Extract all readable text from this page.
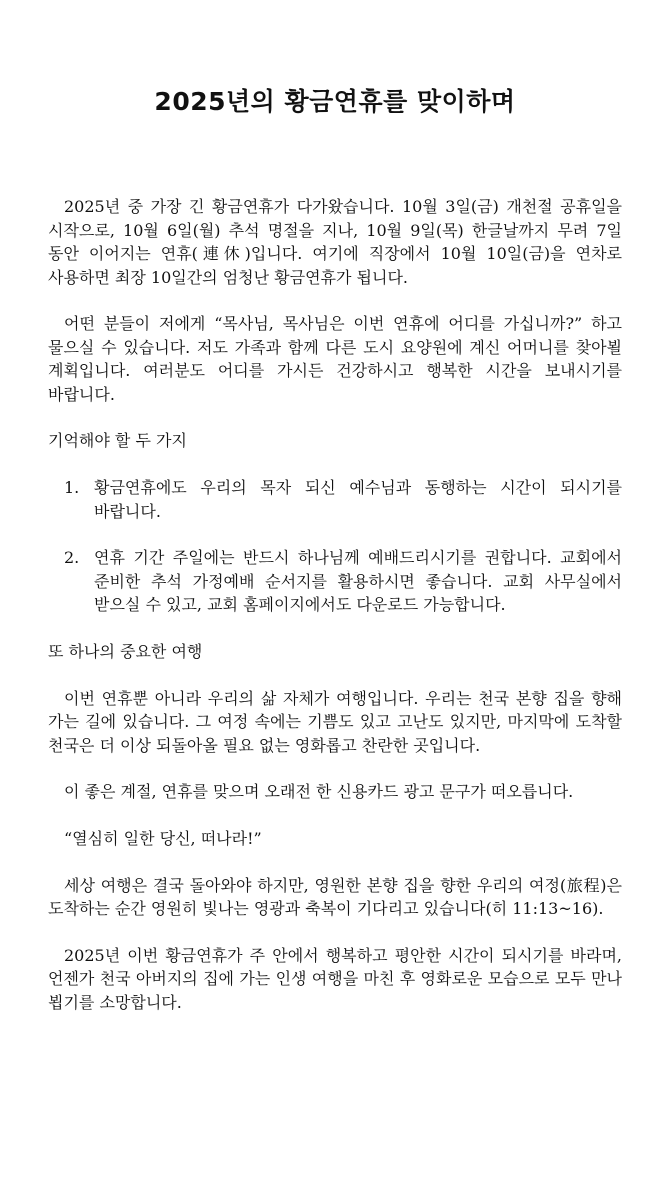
2025년의 황금연휴를 맞이하며

2025년 중 가장 긴 황금연휴가 다가왔습니다. 10월 3일(금) 개천절 공휴일을 시작으로, 10월 6일(월) 추석 명절을 지나, 10월 9일(목) 한글날까지 무려 7일 동안 이어지는 연휴(連休)입니다. 여기에 직장에서 10월 10일(금)을 연차로 사용하면 최장 10일간의 엄청난 황금연휴가 됩니다.

어떤 분들이 저에게 “목사님, 목사님은 이번 연휴에 어디를 가십니까?” 하고 물으실 수 있습니다. 저도 가족과 함께 다른 도시 요양원에 계신 어머니를 찾아뵐 계획입니다. 여러분도 어디를 가시든 건강하시고 행복한 시간을 보내시기를 바랍니다.

기억해야 할 두 가지

1. 황금연휴에도 우리의 목자 되신 예수님과 동행하는 시간이 되시기를 바랍니다.
2. 연휴 기간 주일에는 반드시 하나님께 예배드리시기를 권합니다. 교회에서 준비한 추석 가정예배 순서지를 활용하시면 좋습니다. 교회 사무실에서 받으실 수 있고, 교회 홈페이지에서도 다운로드 가능합니다.

또 하나의 중요한 여행

이번 연휴뿐 아니라 우리의 삶 자체가 여행입니다. 우리는 천국 본향 집을 향해 가는 길에 있습니다. 그 여정 속에는 기쁨도 있고 고난도 있지만, 마지막에 도착할 천국은 더 이상 되돌아올 필요 없는 영화롭고 찬란한 곳입니다.

이 좋은 계절, 연휴를 맞으며 오래전 한 신용카드 광고 문구가 떠오릅니다.

“열심히 일한 당신, 떠나라!”

세상 여행은 결국 돌아와야 하지만, 영원한 본향 집을 향한 우리의 여정(旅程)은 도착하는 순간 영원히 빛나는 영광과 축복이 기다리고 있습니다(히 11:13~16).

2025년 이번 황금연휴가 주 안에서 행복하고 평안한 시간이 되시기를 바라며, 언젠가 천국 아버지의 집에 가는 인생 여행을 마친 후 영화로운 모습으로 모두 만나 뵙기를 소망합니다.
